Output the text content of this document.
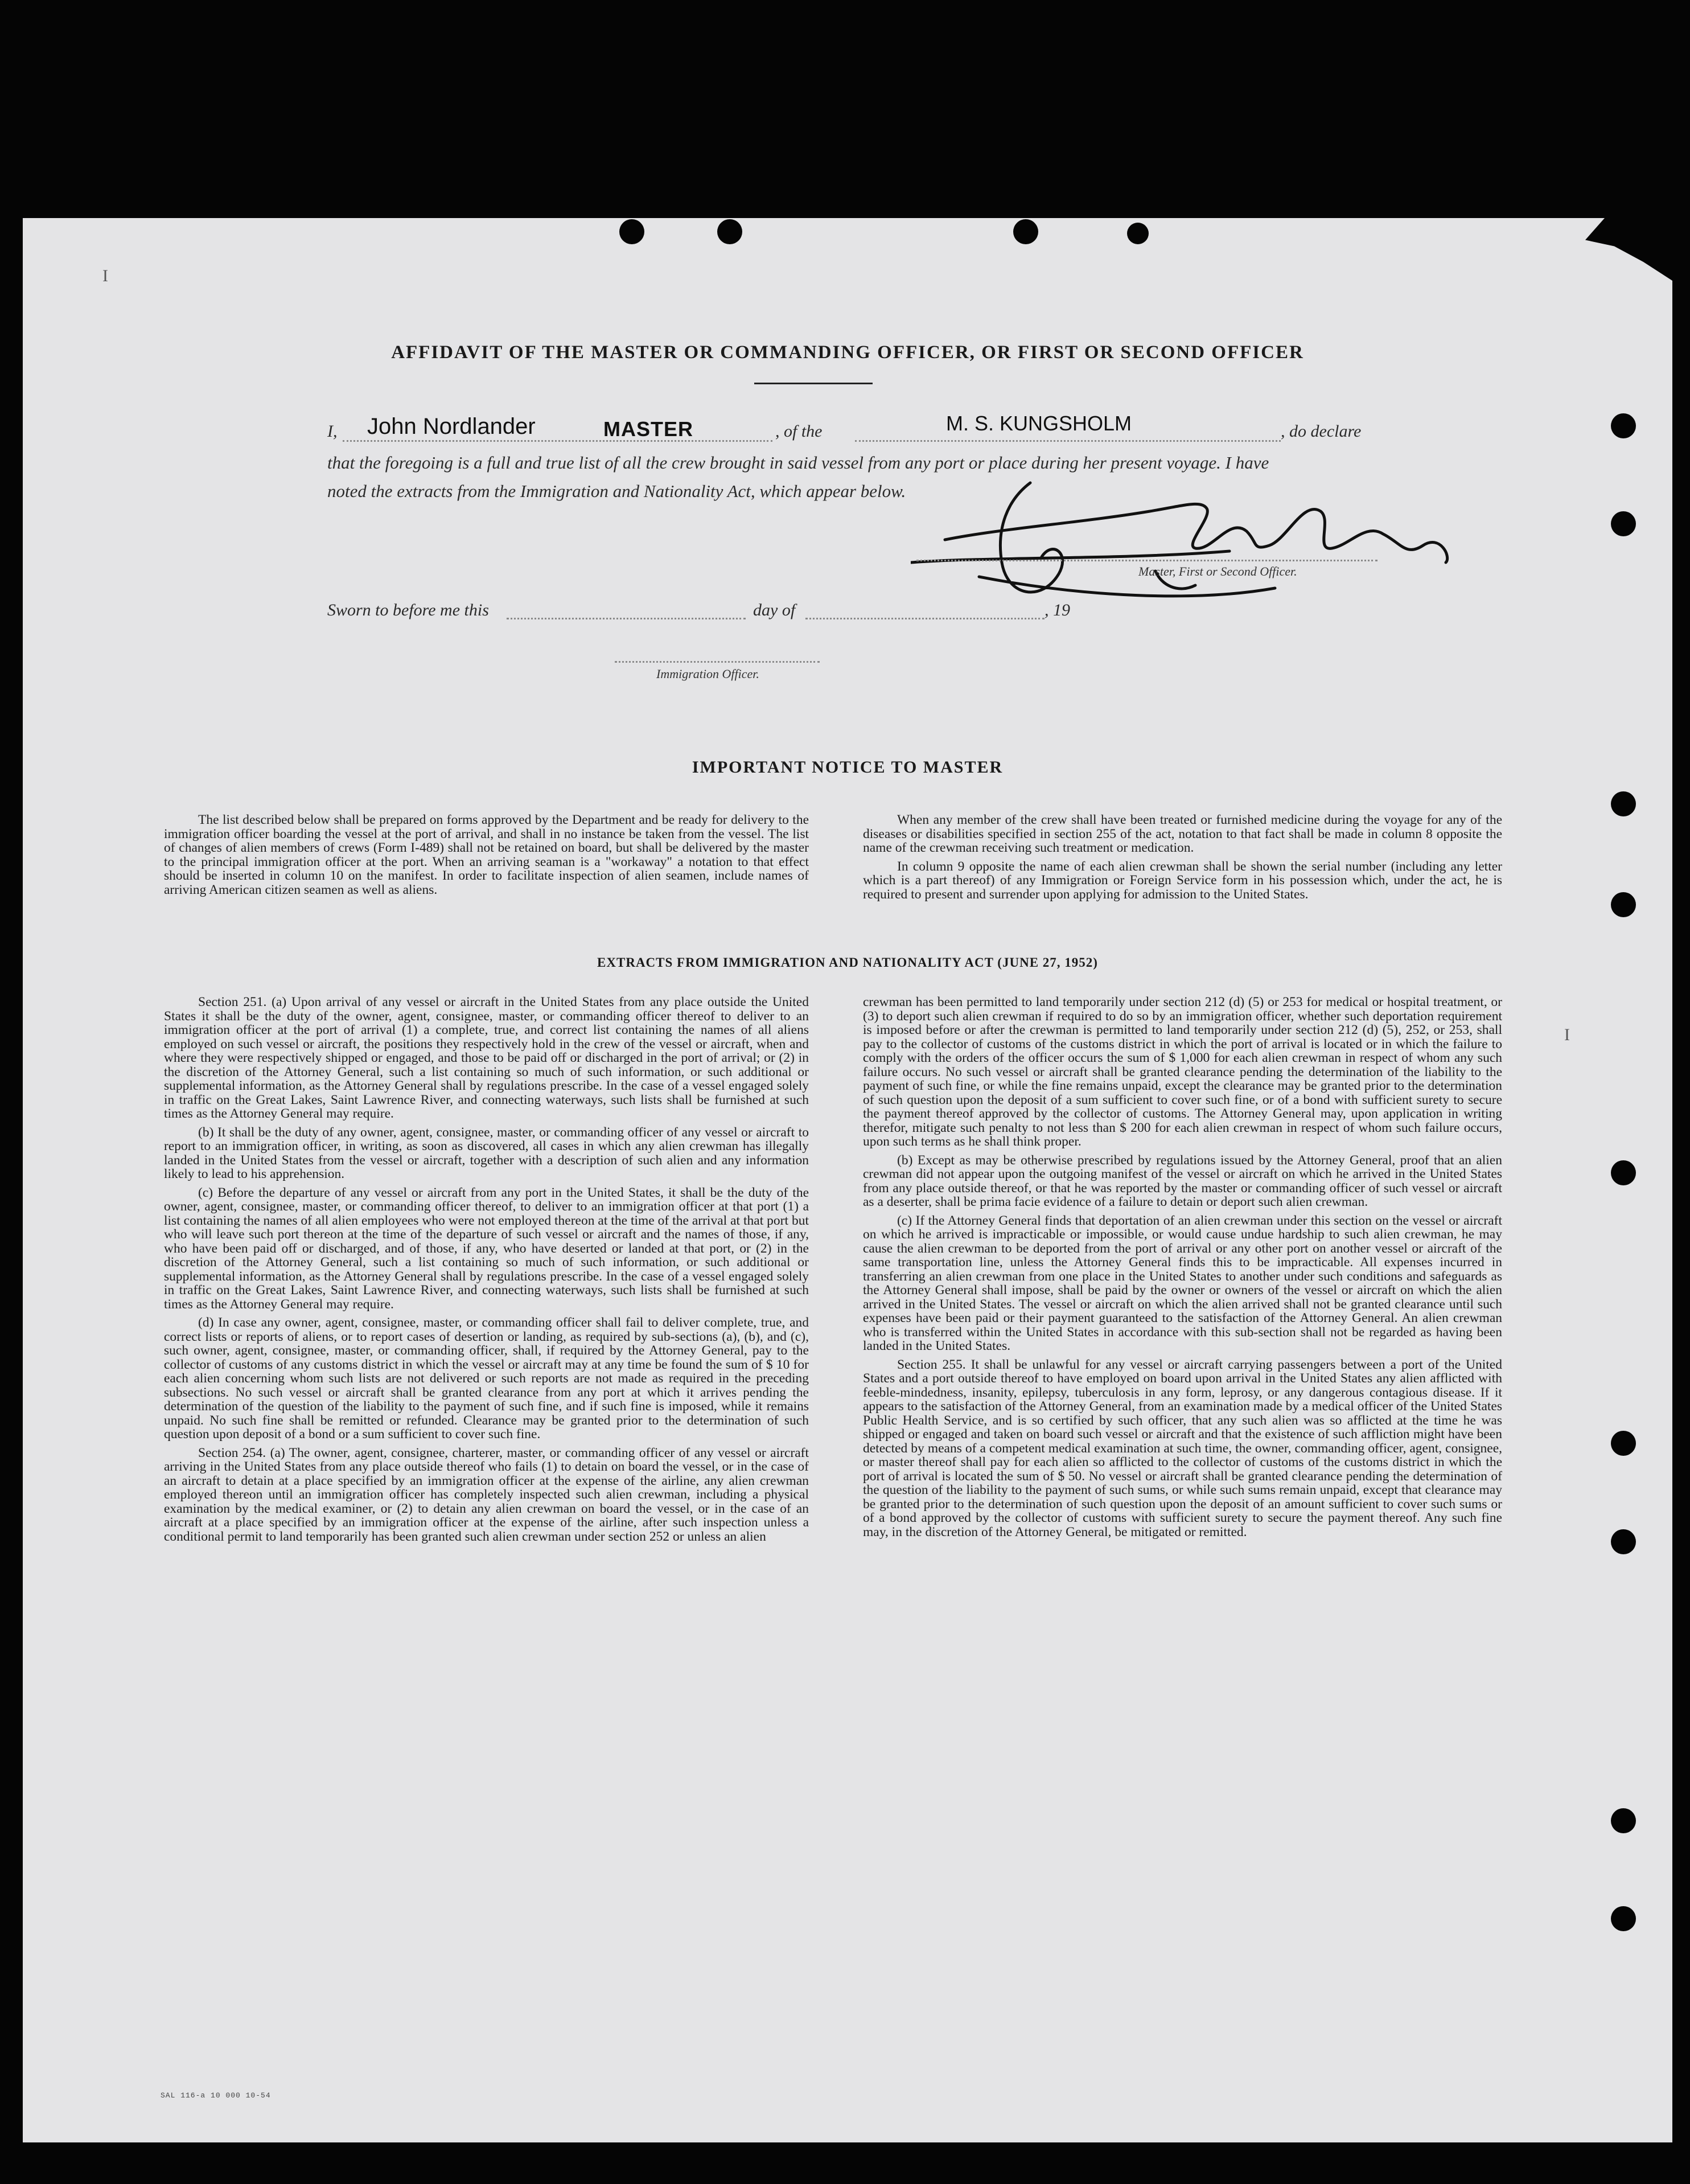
I
I
AFFIDAVIT OF THE MASTER OR COMMANDING OFFICER, OR FIRST OR SECOND OFFICER
I, John Nordlander	MASTER	, of the	M. S. KUNGSHOLM	, do declare
that the foregoing is a full and true list of all the crew brought in said vessel from any port or place during her present voyage. I have
noted the extracts from the Immigration and Nationality Act, which appear below.
Master, First or Second Officer.
Sworn to before me this	day of	, 19
Immigration Officer.
IMPORTANT NOTICE TO MASTER

The list described below shall be prepared on forms approved by the Department and be ready for delivery to the immigration officer boarding the vessel at the port of arrival, and shall in no instance be taken from the vessel. The list of changes of alien members of crews (Form I-489) shall not be retained on board, but shall be delivered by the master to the principal immigration officer at the port. When an arriving seaman is a "workaway" a notation to that effect should be inserted in column 10 on the manifest. In order to facilitate inspection of alien seamen, include names of arriving American citizen seamen as well as aliens.

When any member of the crew shall have been treated or furnished medicine during the voyage for any of the diseases or disabilities specified in section 255 of the act, notation to that fact shall be made in column 8 opposite the name of the crewman receiving such treatment or medication.

In column 9 opposite the name of each alien crewman shall be shown the serial number (including any letter which is a part thereof) of any Immigration or Foreign Service form in his possession which, under the act, he is required to present and surrender upon applying for admission to the United States.

EXTRACTS FROM IMMIGRATION AND NATIONALITY ACT (JUNE 27, 1952)

Section 251. (a) Upon arrival of any vessel or aircraft in the United States from any place outside the United States it shall be the duty of the owner, agent, consignee, master, or commanding officer thereof to deliver to an immigration officer at the port of arrival (1) a complete, true, and correct list containing the names of all aliens employed on such vessel or aircraft, the positions they respectively hold in the crew of the vessel or aircraft, when and where they were respectively shipped or engaged, and those to be paid off or discharged in the port of arrival; or (2) in the discretion of the Attorney General, such a list containing so much of such information, or such additional or supplemental information, as the Attorney General shall by regulations prescribe. In the case of a vessel engaged solely in traffic on the Great Lakes, Saint Lawrence River, and connecting waterways, such lists shall be furnished at such times as the Attorney General may require.

(b) It shall be the duty of any owner, agent, consignee, master, or commanding officer of any vessel or aircraft to report to an immigration officer, in writing, as soon as discovered, all cases in which any alien crewman has illegally landed in the United States from the vessel or aircraft, together with a description of such alien and any information likely to lead to his apprehension.

(c) Before the departure of any vessel or aircraft from any port in the United States, it shall be the duty of the owner, agent, consignee, master, or commanding officer thereof, to deliver to an immigration officer at that port (1) a list containing the names of all alien employees who were not employed thereon at the time of the arrival at that port but who will leave such port thereon at the time of the departure of such vessel or aircraft and the names of those, if any, who have been paid off or discharged, and of those, if any, who have deserted or landed at that port, or (2) in the discretion of the Attorney General, such a list containing so much of such information, or such additional or supplemental information, as the Attorney General shall by regulations prescribe. In the case of a vessel engaged solely in traffic on the Great Lakes, Saint Lawrence River, and connecting waterways, such lists shall be furnished at such times as the Attorney General may require.

(d) In case any owner, agent, consignee, master, or commanding officer shall fail to deliver complete, true, and correct lists or reports of aliens, or to report cases of desertion or landing, as required by sub-sections (a), (b), and (c), such owner, agent, consignee, master, or commanding officer, shall, if required by the Attorney General, pay to the collector of customs of any customs district in which the vessel or aircraft may at any time be found the sum of $ 10 for each alien concerning whom such lists are not delivered or such reports are not made as required in the preceding subsections. No such vessel or aircraft shall be granted clearance from any port at which it arrives pending the determination of the question of the liability to the payment of such fine, and if such fine is imposed, while it remains unpaid. No such fine shall be remitted or refunded. Clearance may be granted prior to the determination of such question upon deposit of a bond or a sum sufficient to cover such fine.

Section 254. (a) The owner, agent, consignee, charterer, master, or commanding officer of any vessel or aircraft arriving in the United States from any place outside thereof who fails (1) to detain on board the vessel, or in the case of an aircraft to detain at a place specified by an immigration officer at the expense of the airline, any alien crewman employed thereon until an immigration officer has completely inspected such alien crewman, including a physical examination by the medical examiner, or (2) to detain any alien crewman on board the vessel, or in the case of an aircraft at a place specified by an immigration officer at the expense of the airline, after such inspection unless a conditional permit to land temporarily has been granted such alien crewman under section 252 or unless an alien

crewman has been permitted to land temporarily under section 212 (d) (5) or 253 for medical or hospital treatment, or (3) to deport such alien crewman if required to do so by an immigration officer, whether such deportation requirement is imposed before or after the crewman is permitted to land temporarily under section 212 (d) (5), 252, or 253, shall pay to the collector of customs of the customs district in which the port of arrival is located or in which the failure to comply with the orders of the officer occurs the sum of $ 1,000 for each alien crewman in respect of whom any such failure occurs. No such vessel or aircraft shall be granted clearance pending the determination of the liability to the payment of such fine, or while the fine remains unpaid, except the clearance may be granted prior to the determination of such question upon the deposit of a sum sufficient to cover such fine, or of a bond with sufficient surety to secure the payment thereof approved by the collector of customs. The Attorney General may, upon application in writing therefor, mitigate such penalty to not less than $ 200 for each alien crewman in respect of whom such failure occurs, upon such terms as he shall think proper.

(b) Except as may be otherwise prescribed by regulations issued by the Attorney General, proof that an alien crewman did not appear upon the outgoing manifest of the vessel or aircraft on which he arrived in the United States from any place outside thereof, or that he was reported by the master or commanding officer of such vessel or aircraft as a deserter, shall be prima facie evidence of a failure to detain or deport such alien crewman.

(c) If the Attorney General finds that deportation of an alien crewman under this section on the vessel or aircraft on which he arrived is impracticable or impossible, or would cause undue hardship to such alien crewman, he may cause the alien crewman to be deported from the port of arrival or any other port on another vessel or aircraft of the same transportation line, unless the Attorney General finds this to be impracticable. All expenses incurred in transferring an alien crewman from one place in the United States to another under such conditions and safeguards as the Attorney General shall impose, shall be paid by the owner or owners of the vessel or aircraft on which the alien arrived in the United States. The vessel or aircraft on which the alien arrived shall not be granted clearance until such expenses have been paid or their payment guaranteed to the satisfaction of the Attorney General. An alien crewman who is transferred within the United States in accordance with this sub-section shall not be regarded as having been landed in the United States.

Section 255. It shall be unlawful for any vessel or aircraft carrying passengers between a port of the United States and a port outside thereof to have employed on board upon arrival in the United States any alien afflicted with feeble-mindedness, insanity, epilepsy, tuberculosis in any form, leprosy, or any dangerous contagious disease. If it appears to the satisfaction of the Attorney General, from an examination made by a medical officer of the United States Public Health Service, and is so certified by such officer, that any such alien was so afflicted at the time he was shipped or engaged and taken on board such vessel or aircraft and that the existence of such affliction might have been detected by means of a competent medical examination at such time, the owner, commanding officer, agent, consignee, or master thereof shall pay for each alien so afflicted to the collector of customs of the customs district in which the port of arrival is located the sum of $ 50. No vessel or aircraft shall be granted clearance pending the determination of the question of the liability to the payment of such sums, or while such sums remain unpaid, except that clearance may be granted prior to the determination of such question upon the deposit of an amount sufficient to cover such sums or of a bond approved by the collector of customs with sufficient surety to secure the payment thereof. Any such fine may, in the discretion of the Attorney General, be mitigated or remitted.

SAL 116-a 10 000 10-54
